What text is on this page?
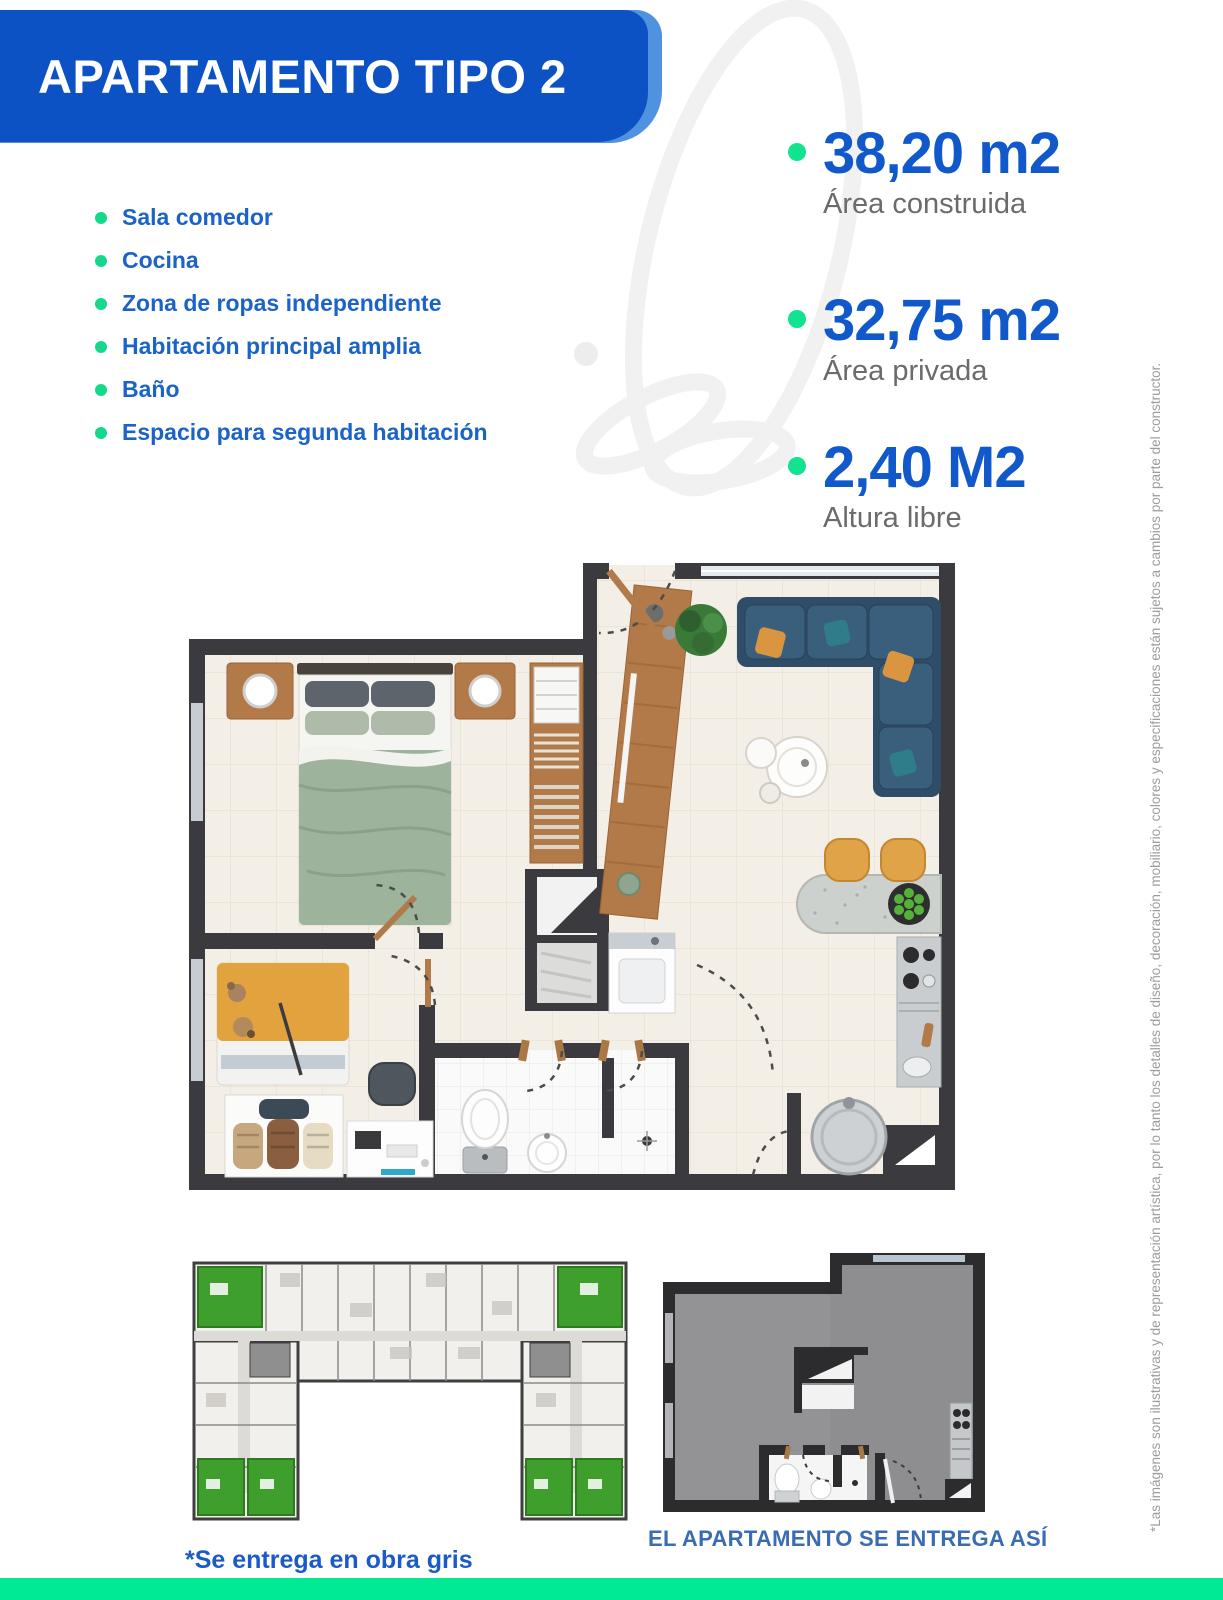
APARTAMENTO TIPO 2
Sala comedor
Cocina
Zona de ropas independiente
Habitación principal amplia
Baño
Espacio para segunda habitación
38,20 m2
Área construida
32,75 m2
Área privada
2,40 M2
Altura libre
*Se entrega en obra gris
EL APARTAMENTO SE ENTREGA ASÍ
*Las imágenes son ilustrativas y de representación artística, por lo tanto los detalles de diseño, decoración, mobiliario, colores y especificaciones están sujetos a cambios por parte del constructor.
